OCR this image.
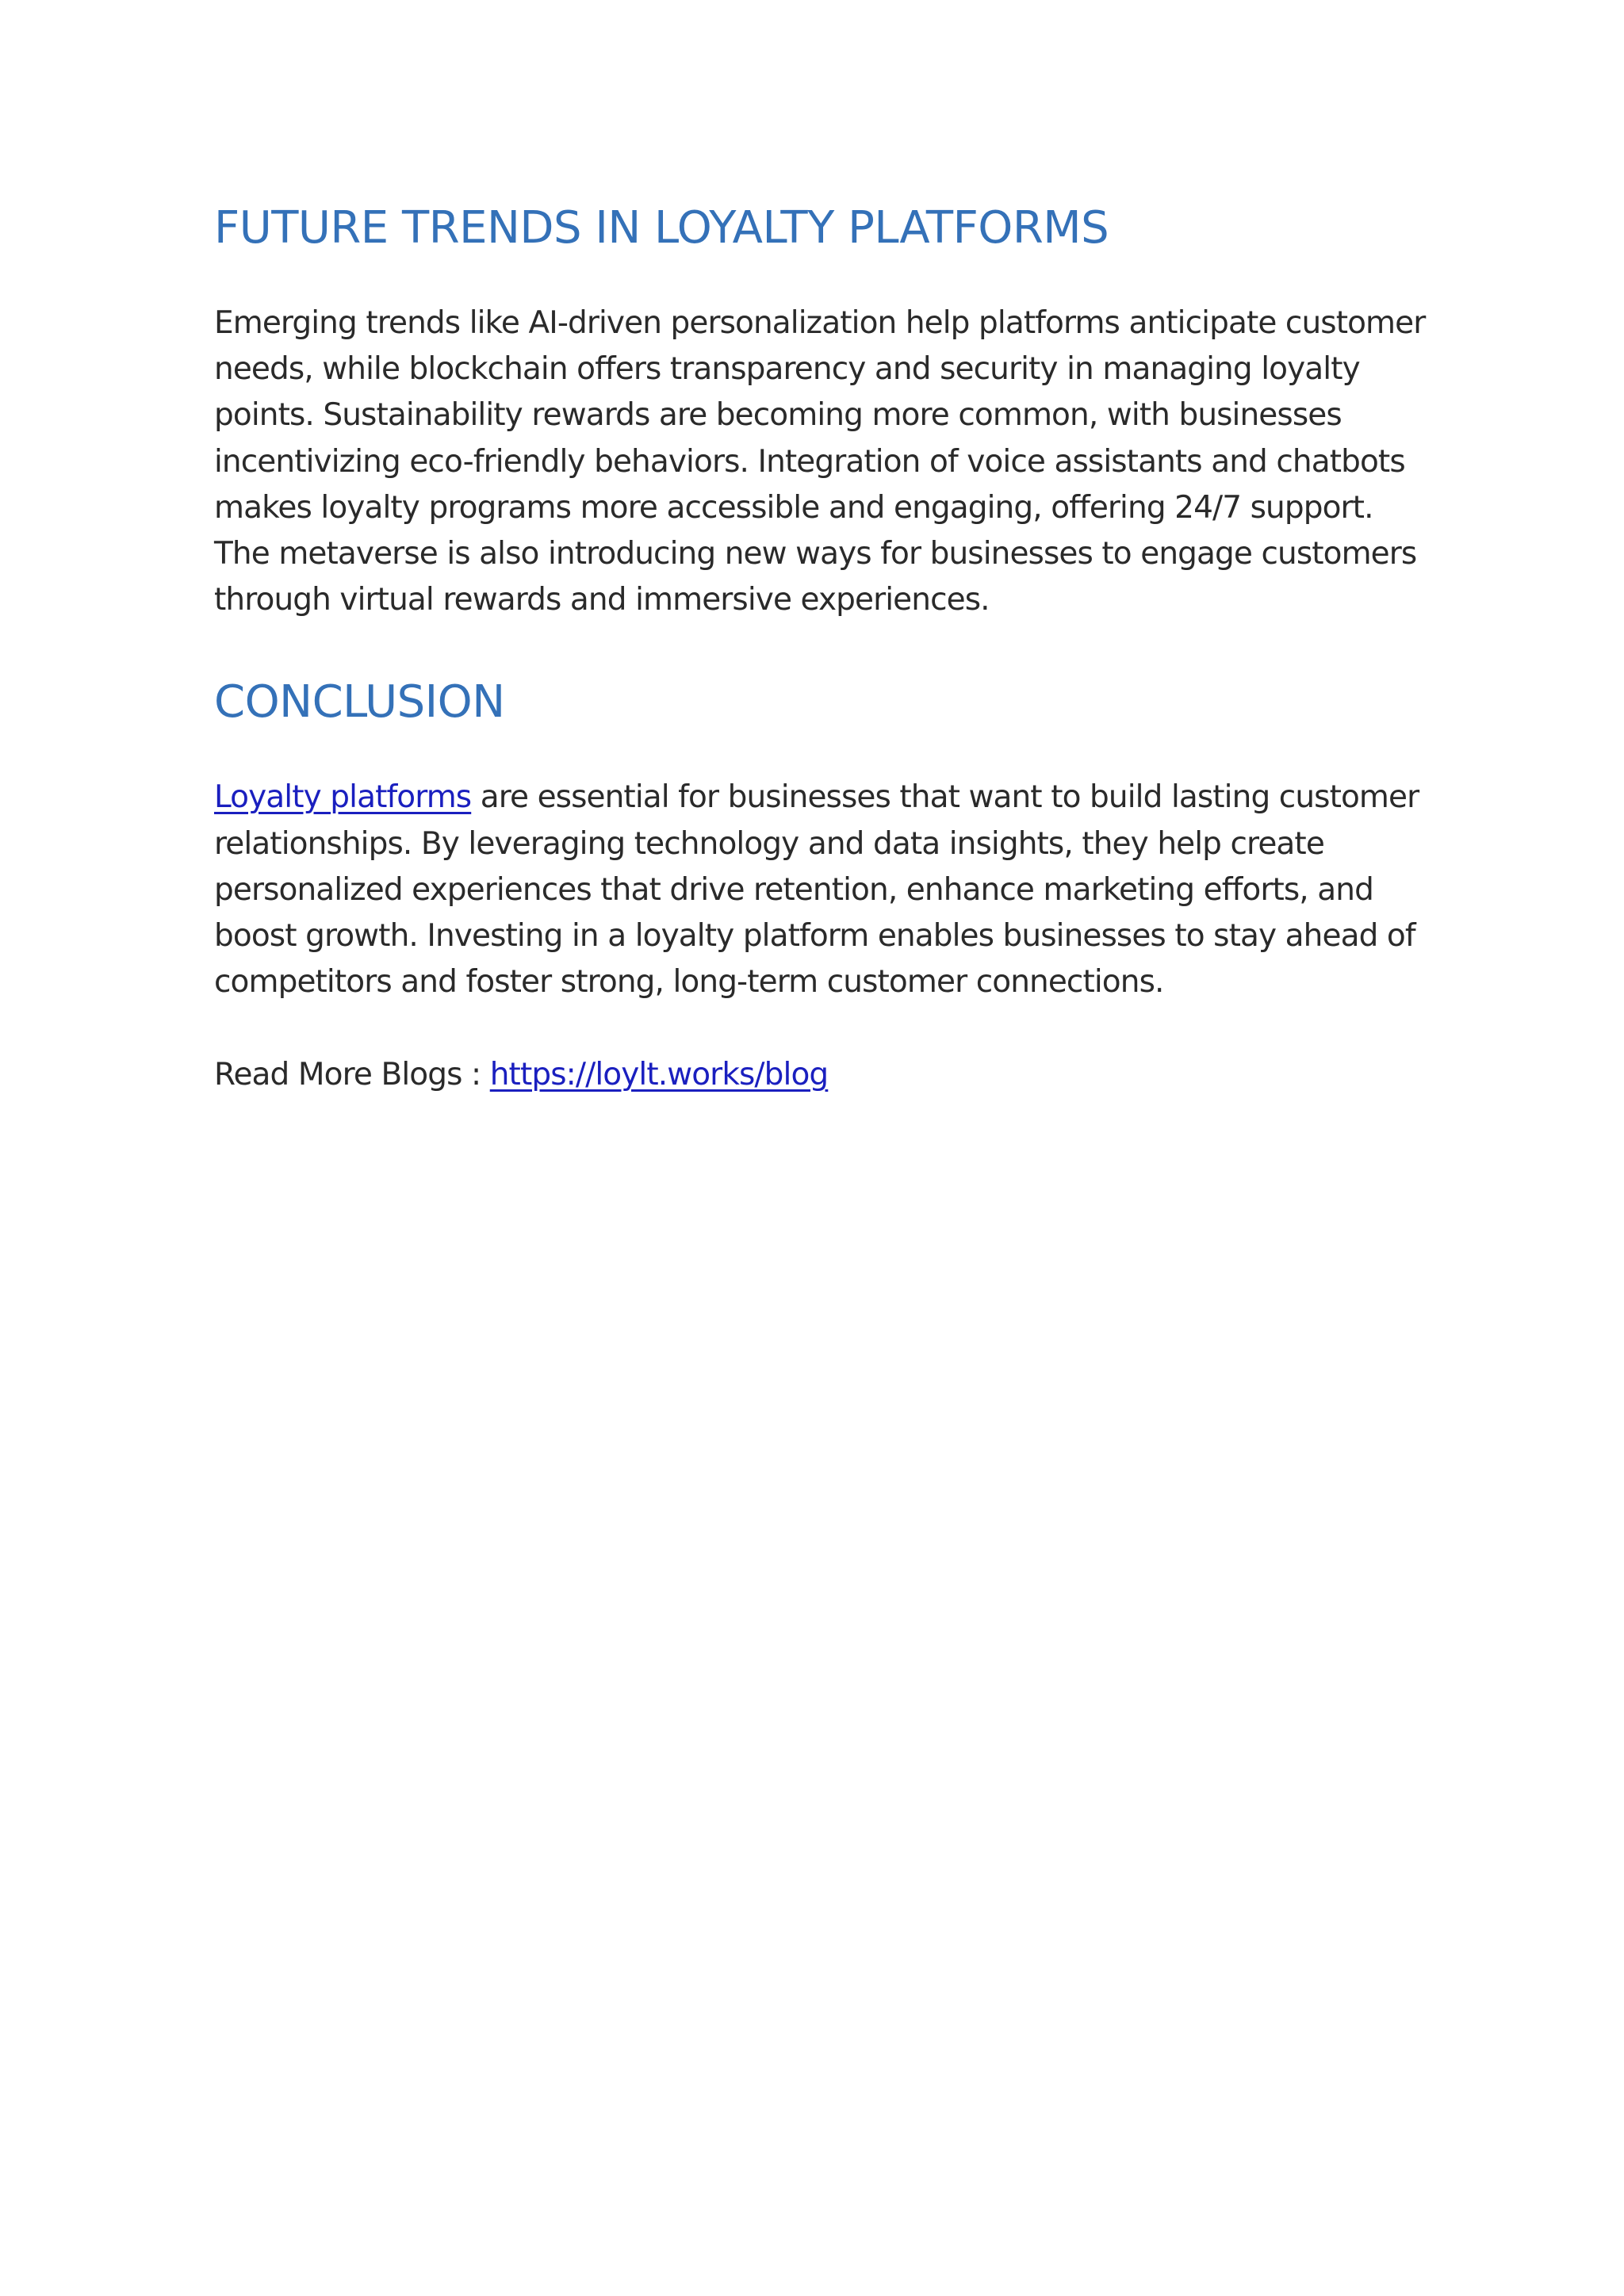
FUTURE TRENDS IN LOYALTY PLATFORMS

Emerging trends like AI-driven personalization help platforms anticipate customer needs, while blockchain offers transparency and security in managing loyalty points. Sustainability rewards are becoming more common, with businesses incentivizing eco-friendly behaviors. Integration of voice assistants and chatbots makes loyalty programs more accessible and engaging, offering 24/7 support. The metaverse is also introducing new ways for businesses to engage customers through virtual rewards and immersive experiences.

CONCLUSION

Loyalty platforms are essential for businesses that want to build lasting customer relationships. By leveraging technology and data insights, they help create personalized experiences that drive retention, enhance marketing efforts, and boost growth. Investing in a loyalty platform enables businesses to stay ahead of competitors and foster strong, long-term customer connections.

Read More Blogs : https://loylt.works/blog
